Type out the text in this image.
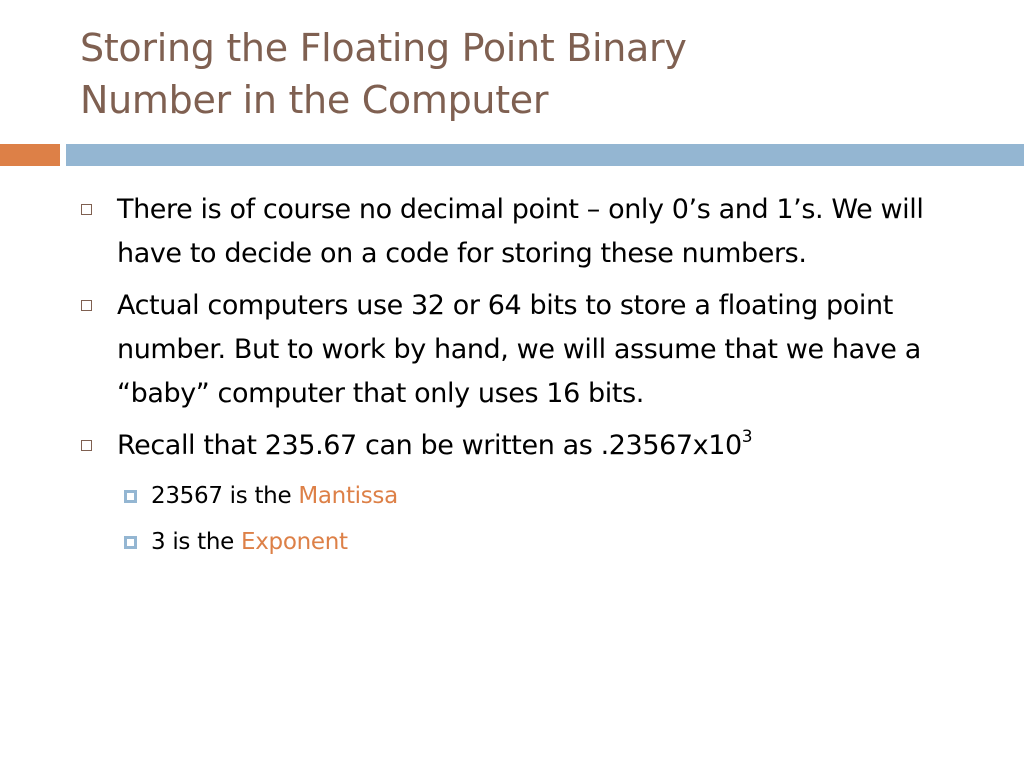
Storing the Floating Point Binary
Number in the Computer
There is of course no decimal point – only 0’s and 1’s. We will have to decide on a code for storing these numbers.
Actual computers use 32 or 64 bits to store a floating point number. But to work by hand, we will assume that we have a “baby” computer that only uses 16 bits.
Recall that 235.67 can be written as $.23567x10^3$
23567 is the Mantissa
3 is the Exponent
